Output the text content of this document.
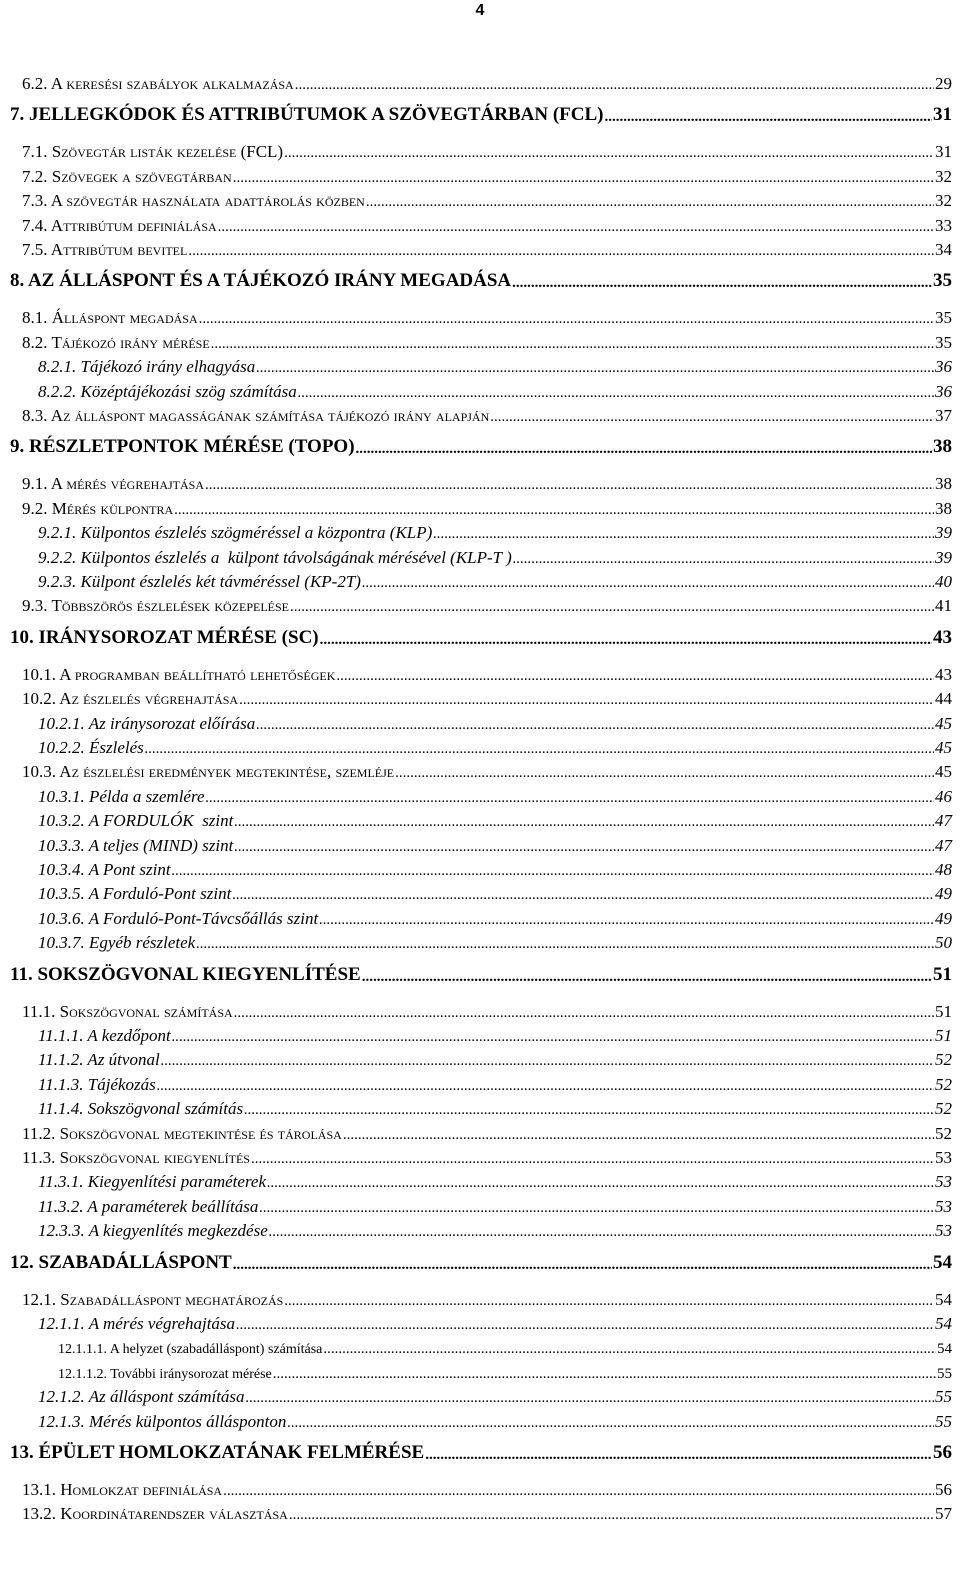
4
6.2. A keresési szabályok alkalmazása .....	29
7. JELLEGKÓDOK ÉS ATTRIBÚTUMOK A SZÖVEGTÁRBAN (FCL) .....	31
7.1. Szövegtár listák kezelése (FCL) .....	31
7.2. Szövegek a szövegtárban .....	32
7.3. A szövegtár használata adattárolás közben .....	32
7.4. Attribútum definiálása .....	33
7.5. Attribútum bevitel .....	34
8. AZ ÁLLÁSPONT ÉS A TÁJÉKOZÓ IRÁNY MEGADÁSA .....	35
8.1. Álláspont megadása .....	35
8.2. Tájékozó irány mérése .....	35
8.2.1. Tájékozó irány elhagyása .....	36
8.2.2. Középtájékozási szög számítása .....	36
8.3. Az álláspont magasságának számítása tájékozó irány alapján .....	37
9. RÉSZLETPONTOK MÉRÉSE (TOPO) .....	38
9.1. A mérés végrehajtása .....	38
9.2. Mérés külpontra .....	38
9.2.1. Külpontos észlelés szögméréssel a központra (KLP) .....	39
9.2.2. Külpontos észlelés a  külpont távolságának mérésével (KLP-T ) .....	39
9.2.3. Külpont észlelés két távméréssel (KP-2T) .....	40
9.3. Többszörös észlelések közepelése .....	41
10. IRÁNYSOROZAT MÉRÉSE (SC) .....	43
10.1. A programban beállítható lehetőségek .....	43
10.2. Az észlelés végrehajtása .....	44
10.2.1. Az iránysorozat előírása .....	45
10.2.2. Észlelés .....	45
10.3. Az észlelési eredmények megtekintése, szemléje .....	45
10.3.1. Példa a szemlére .....	46
10.3.2. A FORDULÓK  szint .....	47
10.3.3. A teljes (MIND) szint .....	47
10.3.4. A Pont szint .....	48
10.3.5. A Forduló-Pont szint .....	49
10.3.6. A Forduló-Pont-Távcsőállás szint .....	49
10.3.7. Egyéb részletek .....	50
11. SOKSZÖGVONAL KIEGYENLÍTÉSE .....	51
11.1. Sokszögvonal számítása .....	51
11.1.1. A kezdőpont .....	51
11.1.2. Az útvonal .....	52
11.1.3. Tájékozás .....	52
11.1.4. Sokszögvonal számítás .....	52
11.2. Sokszögvonal megtekintése és tárolása .....	52
11.3. Sokszögvonal kiegyenlítés .....	53
11.3.1. Kiegyenlítési paraméterek .....	53
11.3.2. A paraméterek beállítása .....	53
12.3.3. A kiegyenlítés megkezdése .....	53
12. SZABADÁLLÁSPONT .....	54
12.1. Szabadálláspont meghatározás .....	54
12.1.1. A mérés végrehajtása .....	54
12.1.1.1. A helyzet (szabadálláspont) számítása .....	54
12.1.1.2. További iránysorozat mérése .....	55
12.1.2. Az álláspont számítása .....	55
12.1.3. Mérés külpontos állásponton .....	55
13. ÉPÜLET HOMLOKZATÁNAK FELMÉRÉSE .....	56
13.1. Homlokzat definiálása .....	56
13.2. Koordinátarendszer választása .....	57
